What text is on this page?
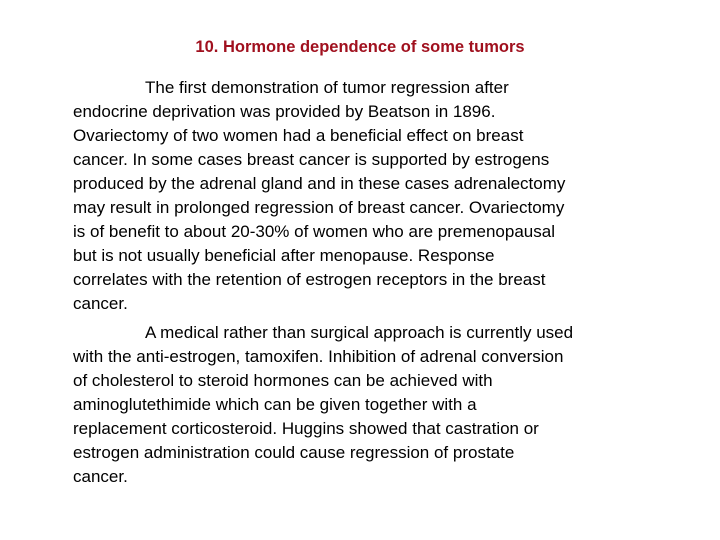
10. Hormone dependence of some tumors
The first demonstration of tumor regression after
endocrine deprivation was provided by Beatson in 1896.
Ovariectomy of two women had a beneficial effect on breast
cancer. In some cases breast cancer is supported by estrogens
produced by the adrenal gland and in these cases adrenalectomy
may result in prolonged regression of breast cancer. Ovariectomy
is of benefit to about 20-30% of women who are premenopausal
but is not usually beneficial after menopause. Response
correlates with the retention of estrogen receptors in the breast
cancer.
A medical rather than surgical approach is currently used
with the anti-estrogen, tamoxifen. Inhibition of adrenal conversion
of cholesterol to steroid hormones can be achieved with
aminoglutethimide which can be given together with a
replacement corticosteroid. Huggins showed that castration or
estrogen administration could cause regression of prostate
cancer.
